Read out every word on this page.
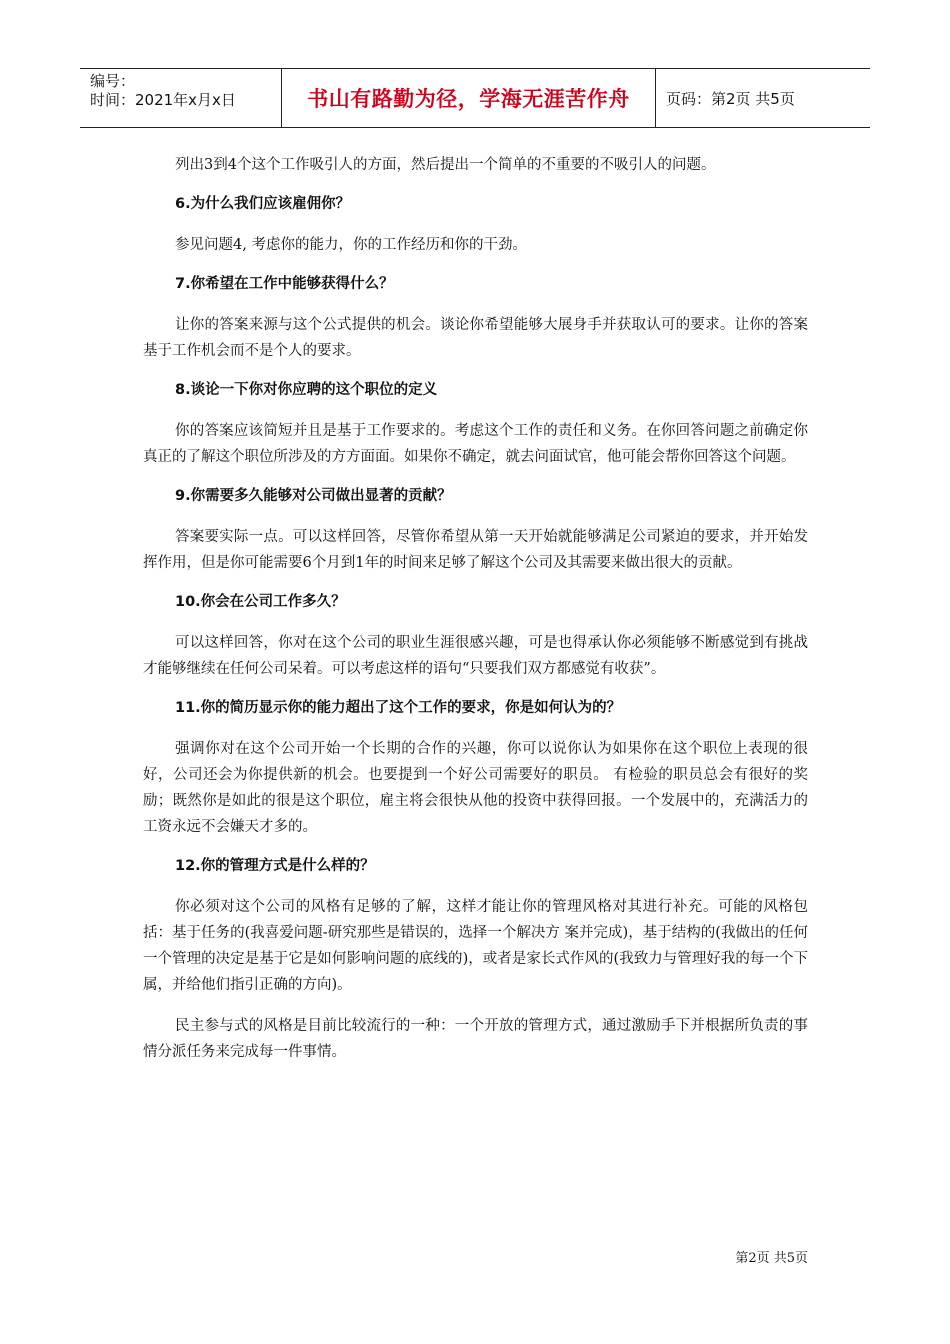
编号：
时间：2021年x月x日	书山有路勤为径，学海无涯苦作舟	页码：第2页 共5页

列出3到4个这个工作吸引人的方面，然后提出一个简单的不重要的不吸引人的问题。

6.为什么我们应该雇佣你？

参见问题4, 考虑你的能力，你的工作经历和你的干劲。

7.你希望在工作中能够获得什么？

让你的答案来源与这个公式提供的机会。谈论你希望能够大展身手并获取认可的要求。让你的答案基于工作机会而不是个人的要求。

8.谈论一下你对你应聘的这个职位的定义

你的答案应该简短并且是基于工作要求的。考虑这个工作的责任和义务。在你回答问题之前确定你真正的了解这个职位所涉及的方方面面。如果你不确定，就去问面试官，他可能会帮你回答这个问题。

9.你需要多久能够对公司做出显著的贡献？

答案要实际一点。可以这样回答，尽管你希望从第一天开始就能够满足公司紧迫的要求，并开始发挥作用，但是你可能需要6个月到1年的时间来足够了解这个公司及其需要来做出很大的贡献。

10.你会在公司工作多久？

可以这样回答，你对在这个公司的职业生涯很感兴趣，可是也得承认你必须能够不断感觉到有挑战才能够继续在任何公司呆着。可以考虑这样的语句“只要我们双方都感觉有收获”。

11.你的简历显示你的能力超出了这个工作的要求，你是如何认为的？

强调你对在这个公司开始一个长期的合作的兴趣，你可以说你认为如果你在这个职位上表现的很好，公司还会为你提供新的机会。也要提到一个好公司需要好的职员。 有检验的职员总会有很好的奖励；既然你是如此的很是这个职位，雇主将会很快从他的投资中获得回报。一个发展中的，充满活力的工资永远不会嫌天才多的。

12.你的管理方式是什么样的？

你必须对这个公司的风格有足够的了解，这样才能让你的管理风格对其进行补充。可能的风格包括：基于任务的(我喜爱问题-研究那些是错误的，选择一个解决方 案并完成)，基于结构的(我做出的任何一个管理的决定是基于它是如何影响问题的底线的)，或者是家长式作风的(我致力与管理好我的每一个下属，并给他们指引正确的方向)。

民主参与式的风格是目前比较流行的一种：一个开放的管理方式，通过激励手下并根据所负责的事情分派任务来完成每一件事情。

第2页 共5页
